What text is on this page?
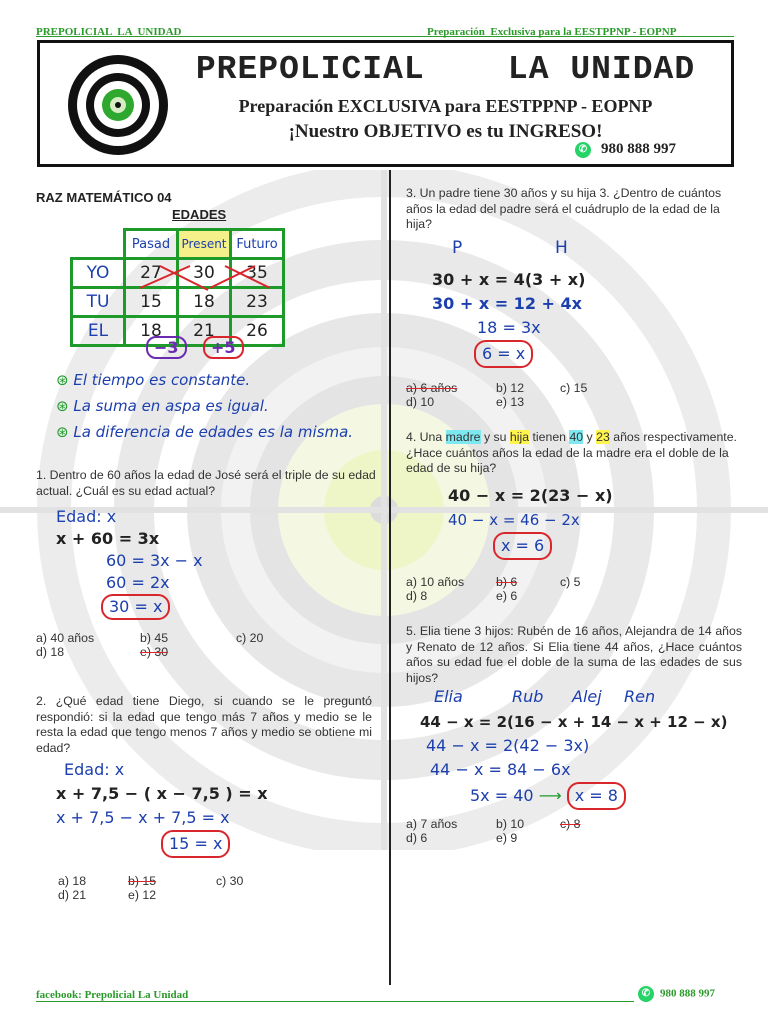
PREPOLICIAL  LA  UNIDAD	Preparación  Exclusiva para la EESTPPNP - EOPNP
PREPOLICIAL    LA UNIDAD
Preparación EXCLUSIVA para EESTPPNP - EOPNP
¡Nuestro OBJETIVO es tu INGRESO!
✆ 980 888 997
RAZ MATEMÁTICO 04
EDADES
	Pasad	Present	Futuro
YO	27	30	35
TU	15	18	23
EL	18	21	26
−3	+5
⊛ El tiempo es constante.
⊛ La suma en aspa es igual.
⊛ La diferencia de edades es la misma.
1. Dentro de 60 años la edad de José será el triple de su edad actual. ¿Cuál es su edad actual?
Edad: x
x + 60 = 3x
60 = 3x − x
60 = 2x
30 = x
a) 40 años	b) 45	c) 20
d) 18	e) 30
2. ¿Qué edad tiene Diego, si cuando se le preguntó respondió: si la edad que tengo más 7 años y medio se le resta la edad que tengo menos 7 años y medio se obtiene mi edad?
Edad: x
x + 7,5 − ( x − 7,5 ) = x
x + 7,5 − x + 7,5 = x
15 = x
a) 18	b) 15	c) 30
d) 21	e) 12
3. Un padre tiene 30 años y su hija 3. ¿Dentro de cuántos años la edad del padre será el cuádruplo de la edad de la hija?
P	H
30 + x = 4(3 + x)
30 + x = 12 + 4x
18 = 3x
6 = x
a) 6 años	b) 12	c) 15
d) 10	e) 13
4. Una madre y su hija tienen 40 y 23 años respectivamente. ¿Hace cuántos años la edad de la madre era el doble de la edad de su hija?
40 − x = 2(23 − x)
40 − x = 46 − 2x
x = 6
a) 10 años	b) 6	c) 5
d) 8	e) 6
5. Elia tiene 3 hijos: Rubén de 16 años, Alejandra de 14 años y Renato de 12 años. Si Elia tiene 44 años, ¿Hace cuántos años su edad fue el doble de la suma de las edades de sus hijos?
Elia	Rub Alej Ren
44 − x = 2(16 − x + 14 − x + 12 − x)
44 − x = 2(42 − 3x)
44 − x = 84 − 6x
5x = 40 ⟶ x = 8
a) 7 años	b) 10	c) 8
d) 6	e) 9
facebook: Prepolicial La Unidad	✆ 980 888 997
